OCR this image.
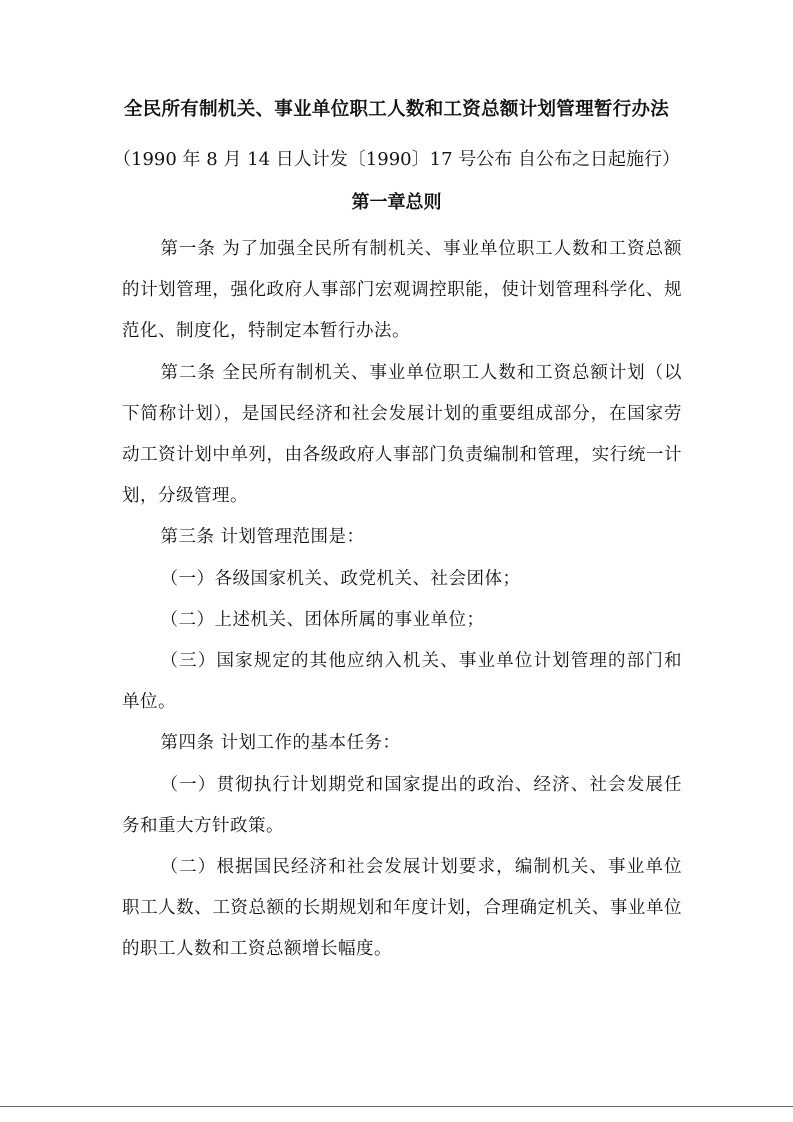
全民所有制机关、事业单位职工人数和工资总额计划管理暂行办法
（1990 年 8 月 14 日人计发〔1990〕17 号公布 自公布之日起施行）
第一章总则

第一条 为了加强全民所有制机关、事业单位职工人数和工资总额的计划管理，强化政府人事部门宏观调控职能，使计划管理科学化、规范化、制度化，特制定本暂行办法。

第二条 全民所有制机关、事业单位职工人数和工资总额计划（以下简称计划），是国民经济和社会发展计划的重要组成部分，在国家劳动工资计划中单列，由各级政府人事部门负责编制和管理，实行统一计划，分级管理。

第三条 计划管理范围是：

（一）各级国家机关、政党机关、社会团体；

（二）上述机关、团体所属的事业单位；

（三）国家规定的其他应纳入机关、事业单位计划管理的部门和单位。

第四条 计划工作的基本任务：

（一）贯彻执行计划期党和国家提出的政治、经济、社会发展任务和重大方针政策。

（二）根据国民经济和社会发展计划要求，编制机关、事业单位职工人数、工资总额的长期规划和年度计划，合理确定机关、事业单位的职工人数和工资总额增长幅度。
